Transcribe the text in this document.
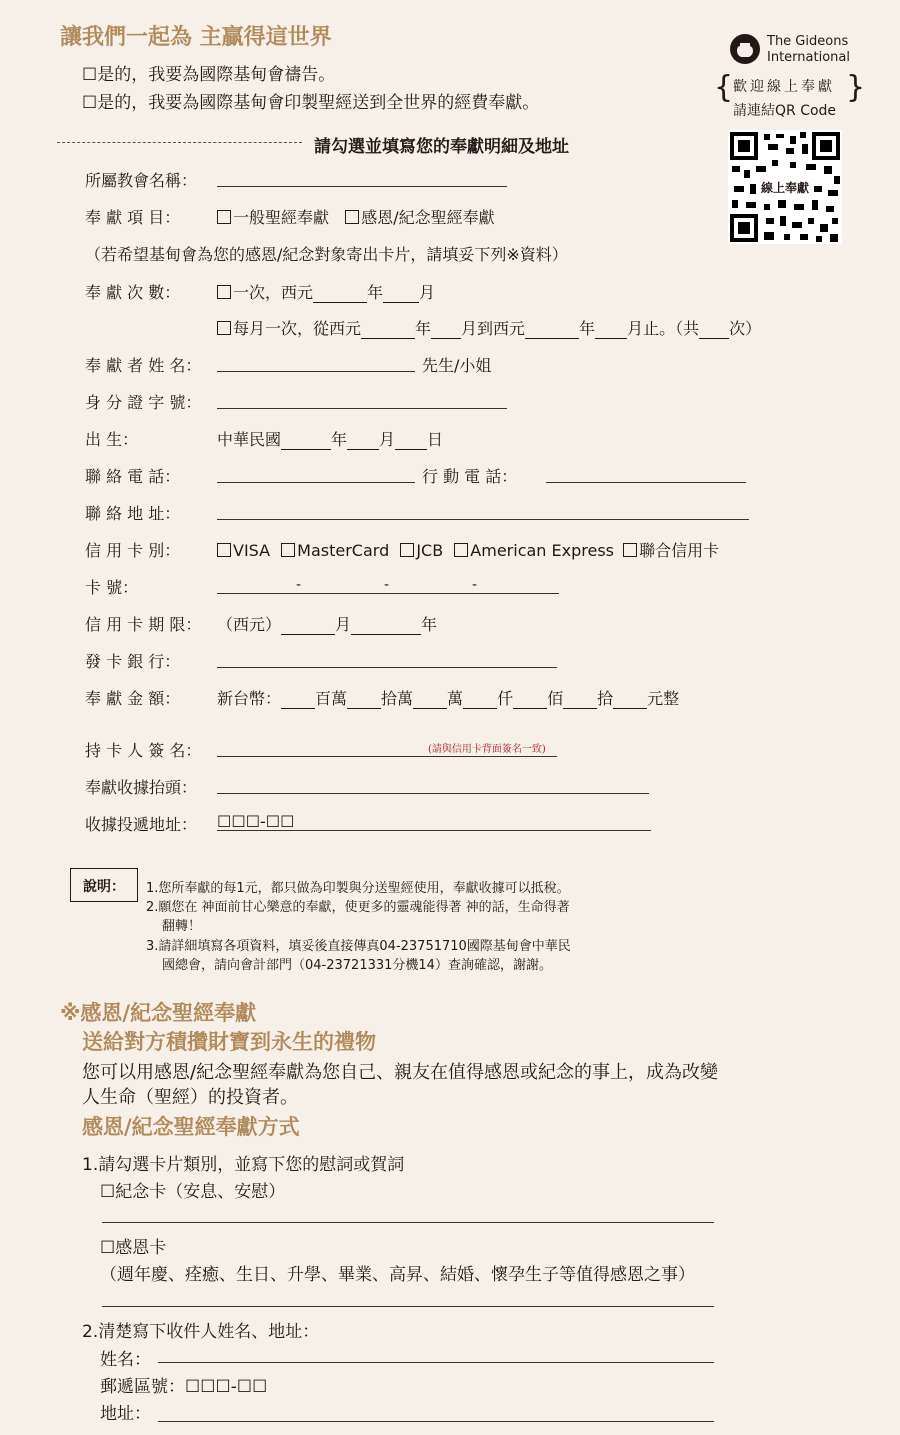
讓我們一起為 主贏得這世界
☐是的，我要為國際基甸會禱告。
☐是的，我要為國際基甸會印製聖經送到全世界的經費奉獻。
The Gideons
International
{	}
歡迎線上奉獻
請連結QR Code
線上奉獻
請勾選並填寫您的奉獻明細及地址
所屬教會名稱：
奉 獻 項 目：	一般聖經奉獻 感恩/紀念聖經奉獻
（若希望基甸會為您的感恩/紀念對象寄出卡片，請填妥下列※資料）
奉 獻 次 數：	一次，西元	年 月
每月一次，從西元	年 月到西元	年 月止。（共 次）
奉 獻 者 姓 名：	先生/小姐
身 分 證 字 號：
出 生：	中華民國	年 月 日
聯 絡 電 話：	行 動 電 話：
聯 絡 地 址：
信 用 卡 別：	VISA MasterCard JCB American Express 聯合信用卡
卡 號：	-	-	-
信 用 卡 期 限： （西元）	月	年
發 卡 銀 行：
奉 獻 金 額： 新台幣： 百萬 拾萬 萬 仟 佰 拾 元整
持 卡 人 簽 名：	(請與信用卡背面簽名一致)
奉獻收據抬頭：
收據投遞地址： ☐☐☐-☐☐
說明： 1.您所奉獻的每1元，都只做為印製與分送聖經使用，奉獻收據可以抵稅。
2.願您在 神面前甘心樂意的奉獻，使更多的靈魂能得著 神的話，生命得著
翻轉！
3.請詳細填寫各項資料，填妥後直接傳真04-23751710國際基甸會中華民
國總會，請向會計部門（04-23721331分機14）查詢確認，謝謝。
※感恩/紀念聖經奉獻
送給對方積攢財寶到永生的禮物
您可以用感恩/紀念聖經奉獻為您自己、親友在值得感恩或紀念的事上，成為改變
人生命（聖經）的投資者。
感恩/紀念聖經奉獻方式
1.請勾選卡片類別，並寫下您的慰詞或賀詞
☐紀念卡（安息、安慰）
☐感恩卡
（週年慶、痊癒、生日、升學、畢業、高昇、結婚、懷孕生子等值得感恩之事）
2.清楚寫下收件人姓名、地址：
姓名：
郵遞區號：☐☐☐-☐☐
地址：
